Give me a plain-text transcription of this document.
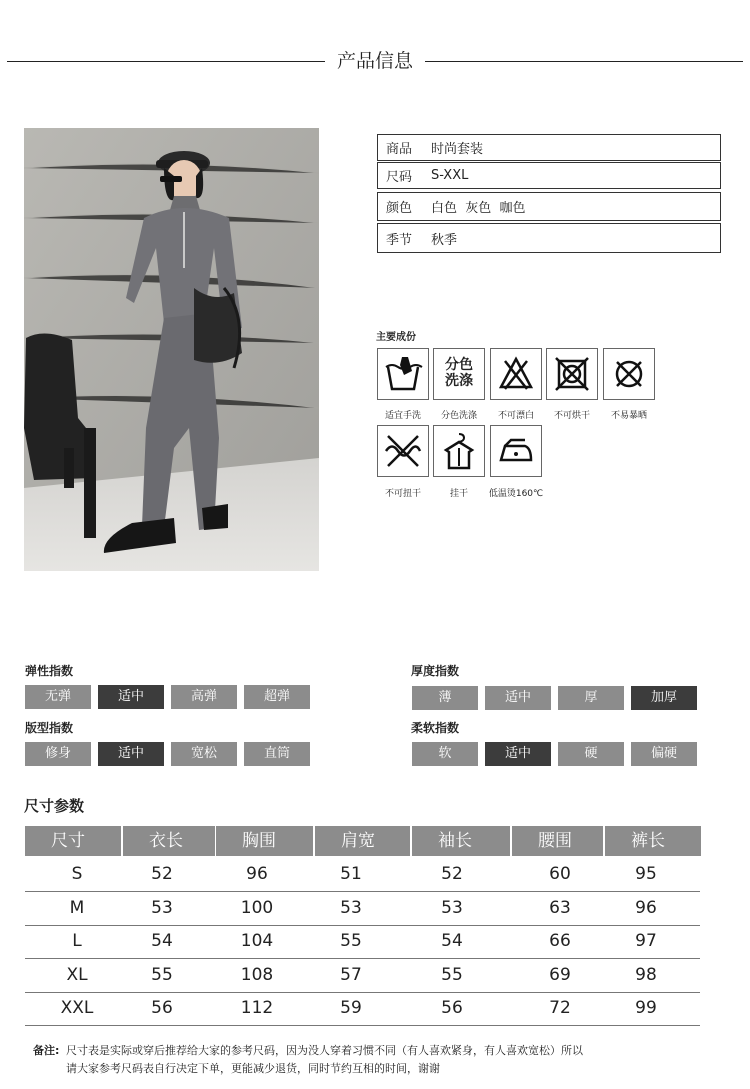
产品信息
商品	时尚套装
尺码	S-XXL
颜色	白色  灰色  咖色
季节	秋季
主要成份
分色
洗涤
适宜手洗	分色洗涤	不可漂白	不可烘干	不易暴晒
不可扭干	挂干	低温烫160℃
弹性指数	厚度指数
版型指数	柔软指数
无弹	适中	高弹	超弹	薄	适中	厚	加厚
修身	适中	宽松	直筒	软	适中	硬	偏硬
尺寸参数
尺寸	衣长	胸围	肩宽	袖长	腰围	裤长
S	52	96	51	52	60	95
M	53	100	53	53	63	96
L	54	104	55	54	66	97
XL	55	108	57	55	69	98
XXL	56	112	59	56	72	99
备注: 尺寸表是实际或穿后推荐给大家的参考尺码，因为没人穿着习惯不同（有人喜欢紧身，有人喜欢宽松）所以
请大家参考尺码表自行决定下单，更能减少退货，同时节约互相的时间，谢谢
